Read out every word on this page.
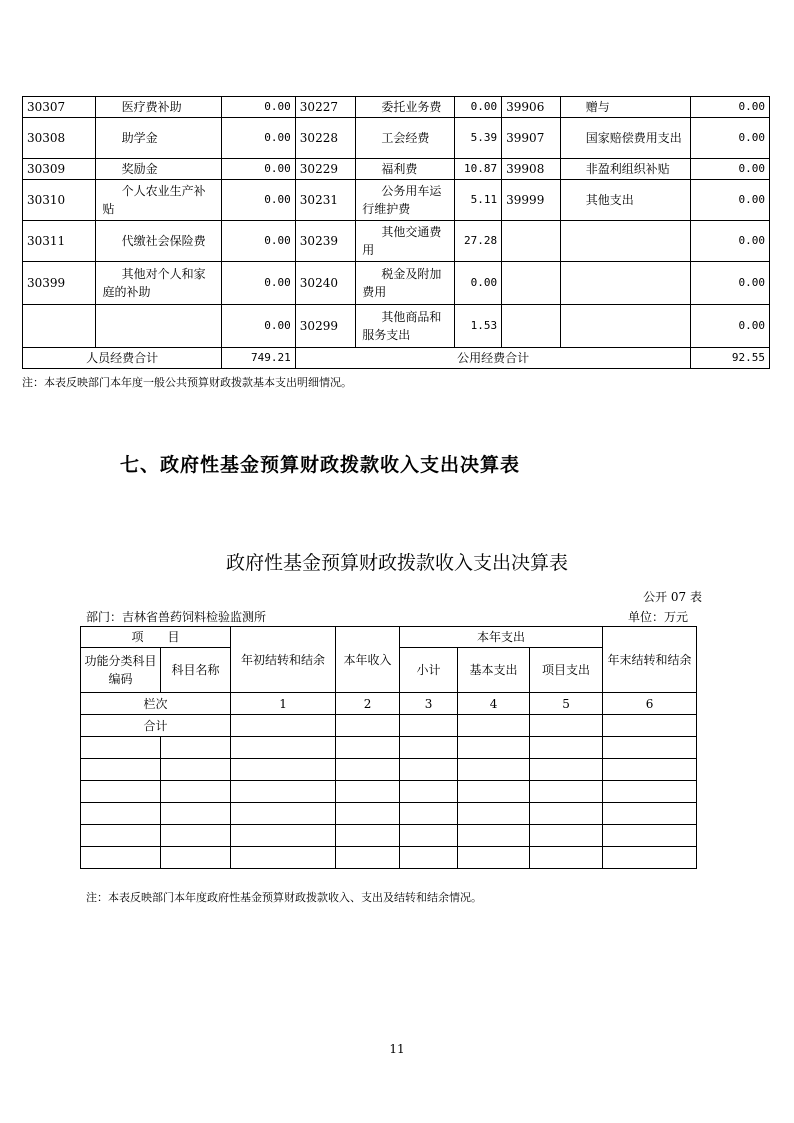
30307	医疗费补助	0.00	30227	委托业务费	0.00	39906	赠与	0.00
30308	助学金	0.00	30228	工会经费	5.39	39907	国家赔偿费用支出	0.00
30309	奖励金	0.00	30229	福利费	10.87	39908	非盈利组织补贴	0.00
30310	个人农业生产补贴	0.00	30231	公务用车运行维护费	5.11	39999	其他支出	0.00
30311	代缴社会保险费	0.00	30239	其他交通费用	27.28			0.00
30399	其他对个人和家庭的补助	0.00	30240	税金及附加费用	0.00			0.00
		0.00	30299	其他商品和服务支出	1.53			0.00
人员经费合计		749.21	公用经费合计					92.55
注：本表反映部门本年度一般公共预算财政拨款基本支出明细情况。
七、政府性基金预算财政拨款收入支出决算表
政府性基金预算财政拨款收入支出决算表
公开 07 表
部门：吉林省兽药饲料检验监测所	单位：万元
项　　目		年初结转和结余	本年收入	本年支出			年末结转和结余
功能分类科目编码	科目名称			小计	基本支出	项目支出	
栏次		1	2	3	4	5	6
合计							

注：本表反映部门本年度政府性基金预算财政拨款收入、支出及结转和结余情况。
11
